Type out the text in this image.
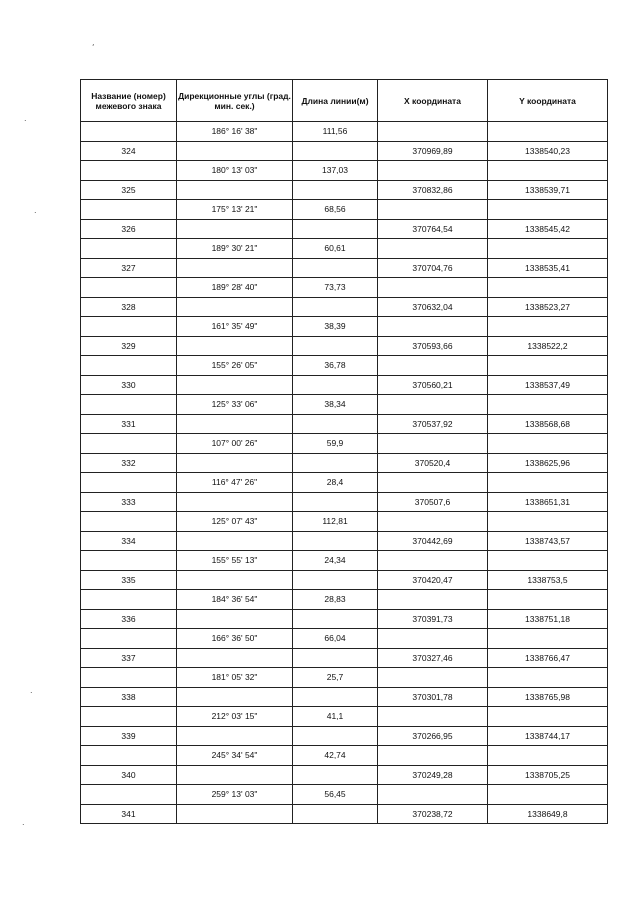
,
.
.
.
.
Название (номер) межевого знака	Дирекционные углы (град. мин. сек.)	Длина линии(м)	X координата	Y координата
	186° 16' 38"	111,56		
324			370969,89	1338540,23
	180° 13' 03"	137,03		
325			370832,86	1338539,71
	175° 13' 21"	68,56		
326			370764,54	1338545,42
	189° 30' 21"	60,61		
327			370704,76	1338535,41
	189° 28' 40"	73,73		
328			370632,04	1338523,27
	161° 35' 49"	38,39		
329			370593,66	1338522,2
	155° 26' 05"	36,78		
330			370560,21	1338537,49
	125° 33' 06"	38,34		
331			370537,92	1338568,68
	107° 00' 26"	59,9		
332			370520,4	1338625,96
	116° 47' 26"	28,4		
333			370507,6	1338651,31
	125° 07' 43"	112,81		
334			370442,69	1338743,57
	155° 55' 13"	24,34		
335			370420,47	1338753,5
	184° 36' 54"	28,83		
336			370391,73	1338751,18
	166° 36' 50"	66,04		
337			370327,46	1338766,47
	181° 05' 32"	25,7		
338			370301,78	1338765,98
	212° 03' 15"	41,1		
339			370266,95	1338744,17
	245° 34' 54"	42,74		
340			370249,28	1338705,25
	259° 13' 03"	56,45		
341			370238,72	1338649,8
